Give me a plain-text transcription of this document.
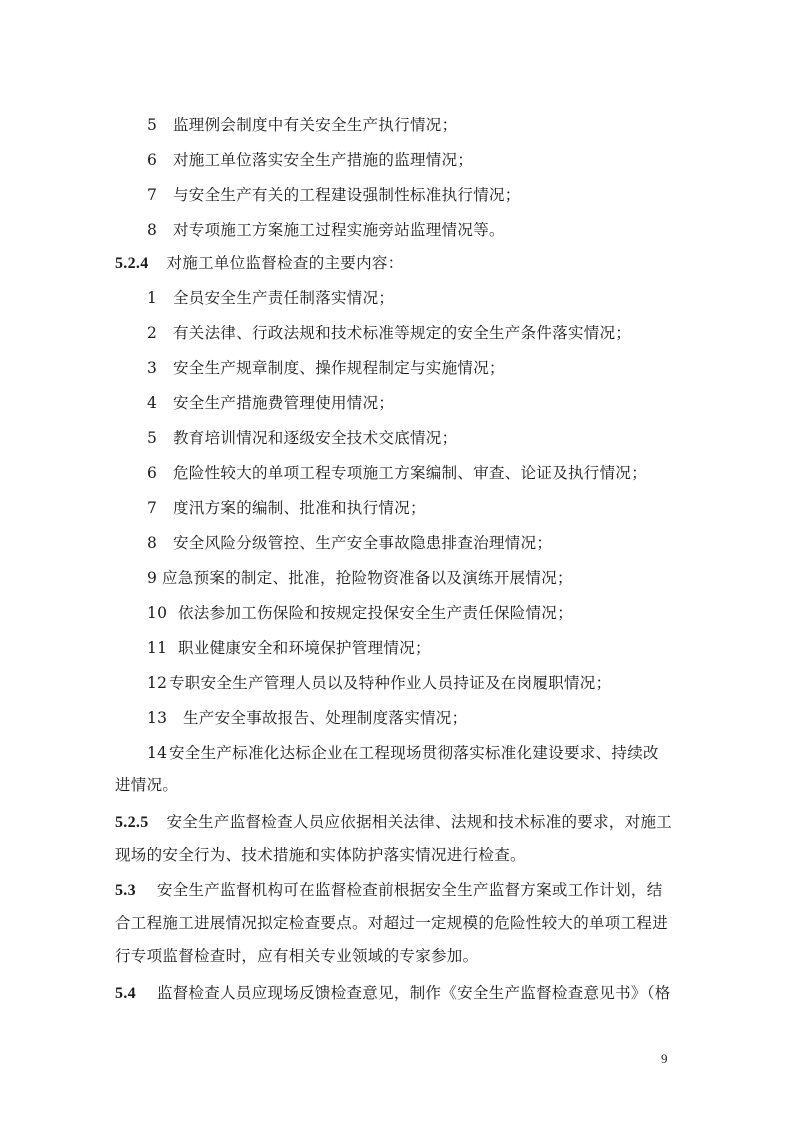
5 监理例会制度中有关安全生产执行情况；
6 对施工单位落实安全生产措施的监理情况；
7 与安全生产有关的工程建设强制性标准执行情况；
8 对专项施工方案施工过程实施旁站监理情况等。
5.2.4 对施工单位监督检查的主要内容：
1 全员安全生产责任制落实情况；
2 有关法律、行政法规和技术标准等规定的安全生产条件落实情况；
3 安全生产规章制度、操作规程制定与实施情况；
4 安全生产措施费管理使用情况；
5 教育培训情况和逐级安全技术交底情况；
6 危险性较大的单项工程专项施工方案编制、审查、论证及执行情况；
7 度汛方案的编制、批准和执行情况；
8 安全风险分级管控、生产安全事故隐患排查治理情况；
9 应急预案的制定、批准，抢险物资准备以及演练开展情况；
10 依法参加工伤保险和按规定投保安全生产责任保险情况；
11 职业健康安全和环境保护管理情况；
12 专职安全生产管理人员以及特种作业人员持证及在岗履职情况；
13 生产安全事故报告、处理制度落实情况；
14 安全生产标准化达标企业在工程现场贯彻落实标准化建设要求、持续改
进情况。
5.2.5 安全生产监督检查人员应依据相关法律、法规和技术标准的要求，对施工
现场的安全行为、技术措施和实体防护落实情况进行检查。
5.3 安全生产监督机构可在监督检查前根据安全生产监督方案或工作计划，结
合工程施工进展情况拟定检查要点。对超过一定规模的危险性较大的单项工程进
行专项监督检查时，应有相关专业领域的专家参加。
5.4 监督检查人员应现场反馈检查意见，制作《安全生产监督检查意见书》（格
9
